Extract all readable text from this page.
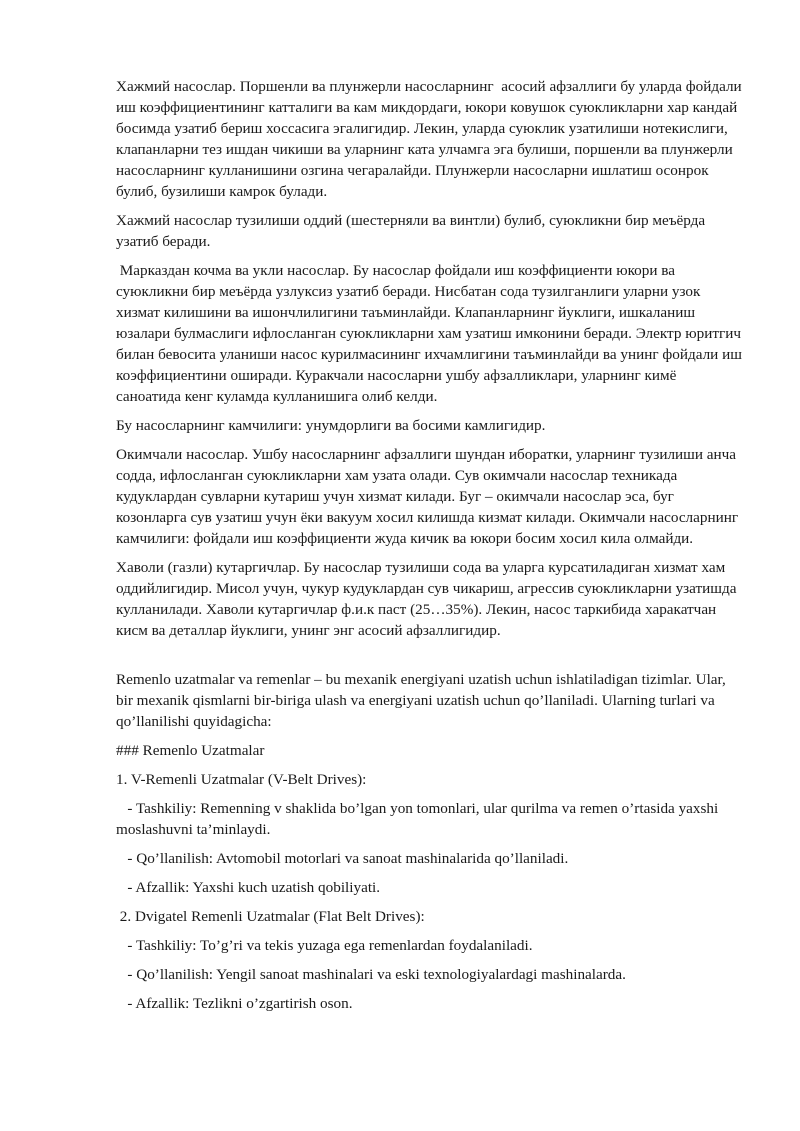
Хажмий насослар. Поршенли ва плунжерли насосларнинг  асосий афзаллиги бу уларда фойдали иш коэффициентининг катталиги ва кам микдордаги, юкори ковушок суюкликларни хар кандай босимда узатиб бериш хоссасига эгалигидир. Лекин, уларда суюклик узатилиши нотекислиги, клапанларни тез ишдан чикиши ва уларнинг ката улчамга эга булиши, поршенли ва плунжерли насосларнинг кулланишини озгина чегаралайди. Плунжерли насосларни ишлатиш осонрок булиб, бузилиши камрок булади.

Хажмий насослар тузилиши оддий (шестерняли ва винтли) булиб, суюкликни бир меъёрда узатиб беради.

Марказдан кочма ва укли насослар. Бу насослар фойдали иш коэффициенти юкори ва суюкликни бир меъёрда узлуксиз узатиб беради. Нисбатан сода тузилганлиги уларни узок хизмат килишини ва ишончлилигини таъминлайди. Клапанларнинг йуклиги, ишкаланиш юзалари булмаслиги ифлосланган суюкликларни хам узатиш имконини беради. Электр юритгич билан бевосита уланиши насос курилмасининг ихчамлигини таъминлайди ва унинг фойдали иш коэффициентини оширади. Куракчали насосларни ушбу афзалликлари, уларнинг кимё саноатида кенг куламда кулланишига олиб келди.

Бу насосларнинг камчилиги: унумдорлиги ва босими камлигидир.

Окимчали насослар. Ушбу насосларнинг афзаллиги шундан иборатки, уларнинг тузилиши анча содда, ифлосланган суюкликларни хам узата олади. Сув окимчали насослар техникада кудуклардан сувларни кутариш учун хизмат килади. Буг – окимчали насослар эса, буг козонларга сув узатиш учун ёки вакуум хосил килишда кизмат килади. Окимчали насосларнинг камчилиги: фойдали иш коэффициенти жуда кичик ва юкори босим хосил кила олмайди.

Хаволи (газли) кутаргичлар. Бу насослар тузилиши сода ва уларга курсатиладиган хизмат хам оддийлигидир. Мисол учун, чукур кудуклардан сув чикариш, агрессив суюкликларни узатишда кулланилади. Хаволи кутаргичлар ф.и.к паст (25…35%). Лекин, насос таркибида харакатчан кисм ва деталлар йуклиги, унинг энг асосий афзаллигидир.

Remenlo uzatmalar va remenlar – bu mexanik energiyani uzatish uchun ishlatiladigan tizimlar. Ular, bir mexanik qismlarni bir-biriga ulash va energiyani uzatish uchun qo’llaniladi. Ularning turlari va qo’llanilishi quyidagicha:

### Remenlo Uzatmalar

1. V-Remenli Uzatmalar (V-Belt Drives):

- Tashkiliy: Remenning v shaklida bo’lgan yon tomonlari, ular qurilma va remen o’rtasida yaxshi moslashuvni ta’minlaydi.

- Qo’llanilish: Avtomobil motorlari va sanoat mashinalarida qo’llaniladi.

- Afzallik: Yaxshi kuch uzatish qobiliyati.

2. Dvigatel Remenli Uzatmalar (Flat Belt Drives):

- Tashkiliy: To’g’ri va tekis yuzaga ega remenlardan foydalaniladi.

- Qo’llanilish: Yengil sanoat mashinalari va eski texnologiyalardagi mashinalarda.

- Afzallik: Tezlikni o’zgartirish oson.
